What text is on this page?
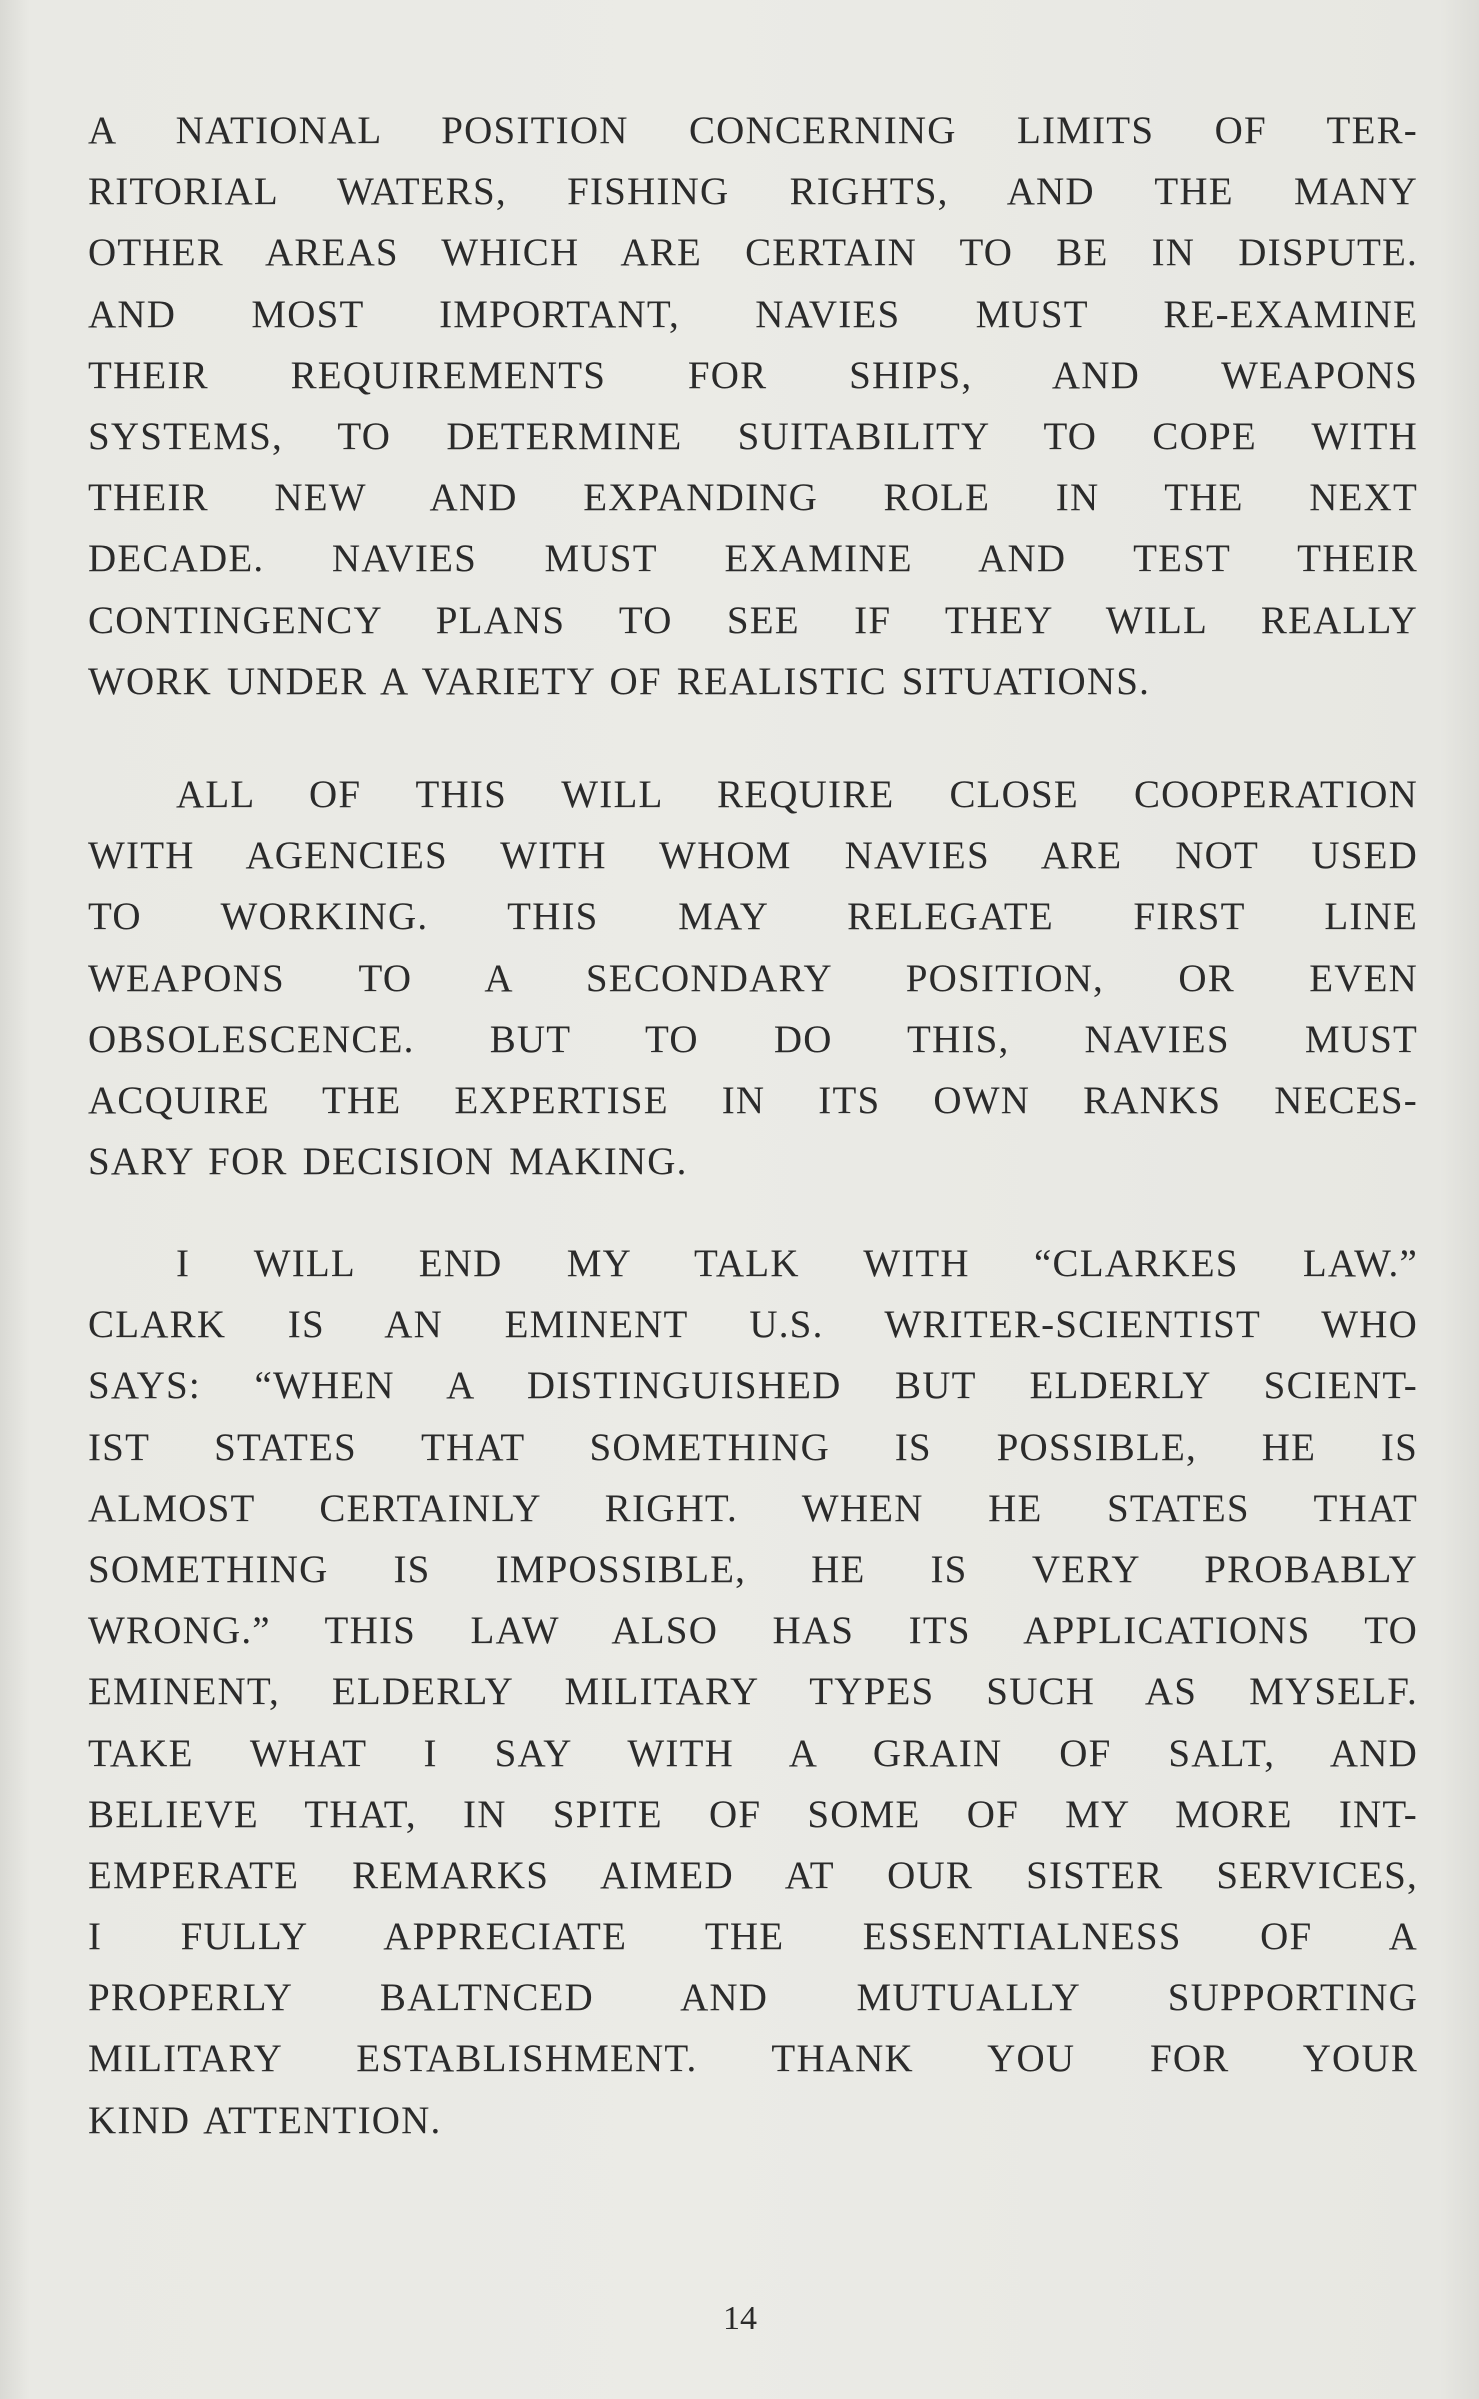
A NATIONAL POSITION CONCERNING LIMITS OF TER-
RITORIAL WATERS, FISHING RIGHTS, AND THE MANY
OTHER AREAS WHICH ARE CERTAIN TO BE IN DISPUTE.
AND MOST IMPORTANT, NAVIES MUST RE-EXAMINE
THEIR REQUIREMENTS FOR SHIPS, AND WEAPONS
SYSTEMS, TO DETERMINE SUITABILITY TO COPE WITH
THEIR NEW AND EXPANDING ROLE IN THE NEXT
DECADE. NAVIES MUST EXAMINE AND TEST THEIR
CONTINGENCY PLANS TO SEE IF THEY WILL REALLY
WORK UNDER A VARIETY OF REALISTIC SITUATIONS.
ALL OF THIS WILL REQUIRE CLOSE COOPERATION
WITH AGENCIES WITH WHOM NAVIES ARE NOT USED
TO WORKING. THIS MAY RELEGATE FIRST LINE
WEAPONS TO A SECONDARY POSITION, OR EVEN
OBSOLESCENCE. BUT TO DO THIS, NAVIES MUST
ACQUIRE THE EXPERTISE IN ITS OWN RANKS NECES-
SARY FOR DECISION MAKING.
I WILL END MY TALK WITH “CLARKES LAW.”
CLARK IS AN EMINENT U.S. WRITER-SCIENTIST WHO
SAYS: “WHEN A DISTINGUISHED BUT ELDERLY SCIENT-
IST STATES THAT SOMETHING IS POSSIBLE, HE IS
ALMOST CERTAINLY RIGHT. WHEN HE STATES THAT
SOMETHING IS IMPOSSIBLE, HE IS VERY PROBABLY
WRONG.” THIS LAW ALSO HAS ITS APPLICATIONS TO
EMINENT, ELDERLY MILITARY TYPES SUCH AS MYSELF.
TAKE WHAT I SAY WITH A GRAIN OF SALT, AND
BELIEVE THAT, IN SPITE OF SOME OF MY MORE INT-
EMPERATE REMARKS AIMED AT OUR SISTER SERVICES,
I FULLY APPRECIATE THE ESSENTIALNESS OF A
PROPERLY BALTNCED AND MUTUALLY SUPPORTING
MILITARY ESTABLISHMENT. THANK YOU FOR YOUR
KIND ATTENTION.
14
